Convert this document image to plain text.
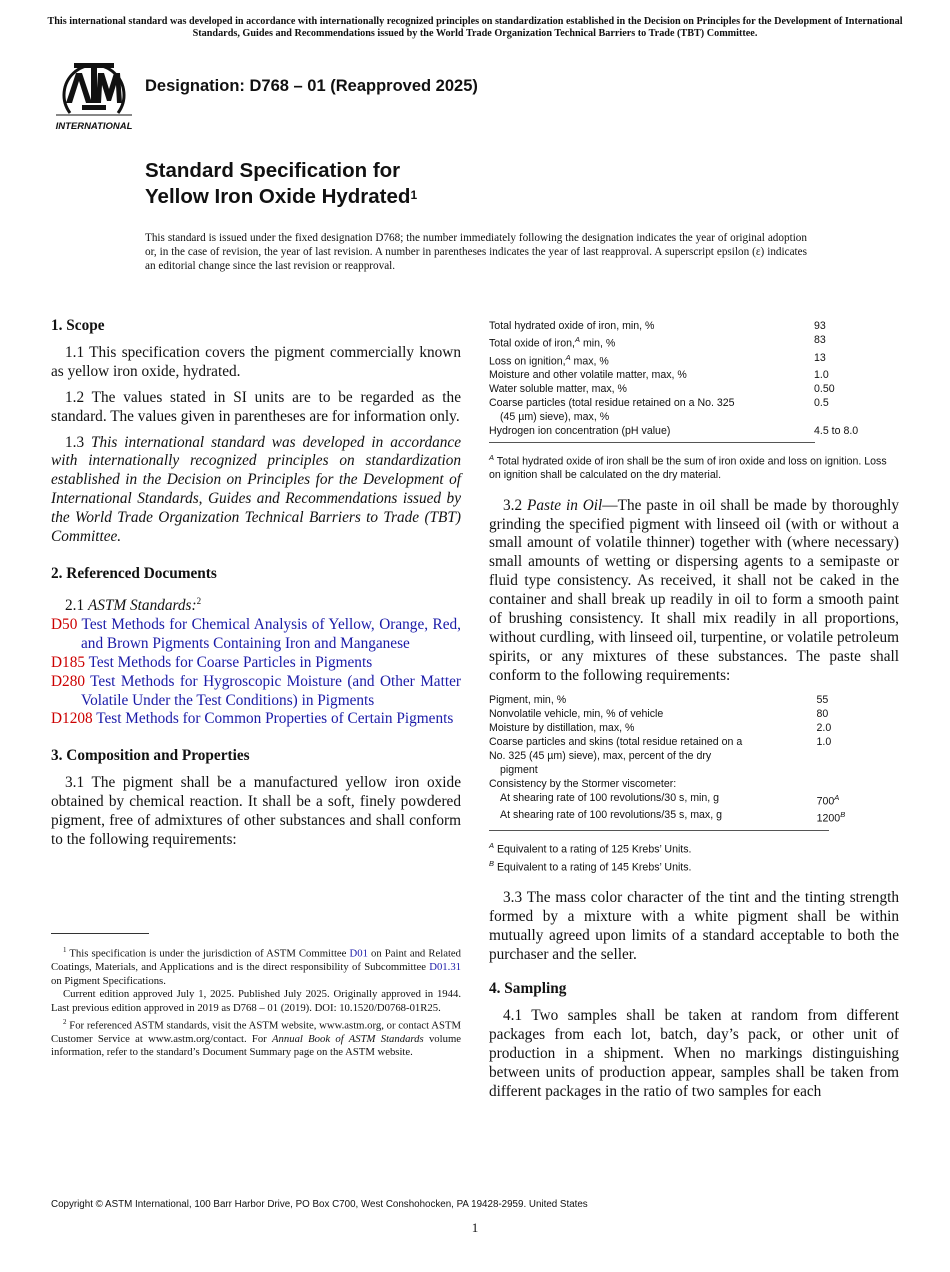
This international standard was developed in accordance with internationally recognized principles on standardization established in the Decision on Principles for the Development of International Standards, Guides and Recommendations issued by the World Trade Organization Technical Barriers to Trade (TBT) Committee.
INTERNATIONAL
Designation: D768 – 01 (Reapproved 2025)
Standard Specification for
Yellow Iron Oxide Hydrated$^1$
This standard is issued under the fixed designation D768; the number immediately following the designation indicates the year of original adoption or, in the case of revision, the year of last revision. A number in parentheses indicates the year of last reapproval. A superscript epsilon (ε) indicates an editorial change since the last revision or reapproval.
1. Scope

1.1 This specification covers the pigment commercially known as yellow iron oxide, hydrated.

1.2 The values stated in SI units are to be regarded as the standard. The values given in parentheses are for information only.

1.3 This international standard was developed in accordance with internationally recognized principles on standardization established in the Decision on Principles for the Development of International Standards, Guides and Recommendations issued by the World Trade Organization Technical Barriers to Trade (TBT) Committee.

2. Referenced Documents

2.1 ASTM Standards:$^2$

D50 Test Methods for Chemical Analysis of Yellow, Orange, Red, and Brown Pigments Containing Iron and Manganese

D185 Test Methods for Coarse Particles in Pigments

D280 Test Methods for Hygroscopic Moisture (and Other Matter Volatile Under the Test Conditions) in Pigments

D1208 Test Methods for Common Properties of Certain Pigments

3. Composition and Properties

3.1 The pigment shall be a manufactured yellow iron oxide obtained by chemical reaction. It shall be a soft, finely powdered pigment, free of admixtures of other substances and shall conform to the following requirements:

$^1$ This specification is under the jurisdiction of ASTM Committee D01 on Paint and Related Coatings, Materials, and Applications and is the direct responsibility of Subcommittee D01.31 on Pigment Specifications.

Current edition approved July 1, 2025. Published July 2025. Originally approved in 1944. Last previous edition approved in 2019 as D768 – 01 (2019). DOI: 10.1520/D0768-01R25.

$^2$ For referenced ASTM standards, visit the ASTM website, www.astm.org, or contact ASTM Customer Service at www.astm.org/contact. For Annual Book of ASTM Standards volume information, refer to the standard’s Document Summary page on the ASTM website.

Total hydrated oxide of iron, min, %	93
Total oxide of iron,$^A$ min, %	83
Loss on ignition,$^A$ max, %	13
Moisture and other volatile matter, max, %	1.0
Water soluble matter, max, %	0.50
Coarse particles (total residue retained on a No. 325	0.5
(45 µm) sieve), max, %
Hydrogen ion concentration (pH value)	4.5 to 8.0

$^A$ Total hydrated oxide of iron shall be the sum of iron oxide and loss on ignition. Loss on ignition shall be calculated on the dry material.

3.2 Paste in Oil—The paste in oil shall be made by thoroughly grinding the specified pigment with linseed oil (with or without a small amount of volatile thinner) together with (where necessary) small amounts of wetting or dispersing agents to a semipaste or fluid type consistency. As received, it shall not be caked in the container and shall break up readily in oil to form a smooth paint of brushing consistency. It shall mix readily in all proportions, without curdling, with linseed oil, turpentine, or volatile petroleum spirits, or any mixtures of these substances. The paste shall conform to the following requirements:

Pigment, min, %	55
Nonvolatile vehicle, min, % of vehicle	80
Moisture by distillation, max, %	2.0
Coarse particles and skins (total residue retained on a	1.0
No. 325 (45 µm) sieve), max, percent of the dry
pigment
Consistency by the Stormer viscometer:
At shearing rate of 100 revolutions/30 s, min, g	$700^A$
At shearing rate of 100 revolutions/35 s, max, g	$1200^B$

$^A$ Equivalent to a rating of 125 Krebs’ Units.

$^B$ Equivalent to a rating of 145 Krebs’ Units.

3.3 The mass color character of the tint and the tinting strength formed by a mixture with a white pigment shall be within mutually agreed upon limits of a standard acceptable to both the purchaser and the seller.

4. Sampling

4.1 Two samples shall be taken at random from different packages from each lot, batch, day’s pack, or other unit of production in a shipment. When no markings distinguishing between units of production appear, samples shall be taken from different packages in the ratio of two samples for each

Copyright © ASTM International, 100 Barr Harbor Drive, PO Box C700, West Conshohocken, PA 19428-2959. United States
1
